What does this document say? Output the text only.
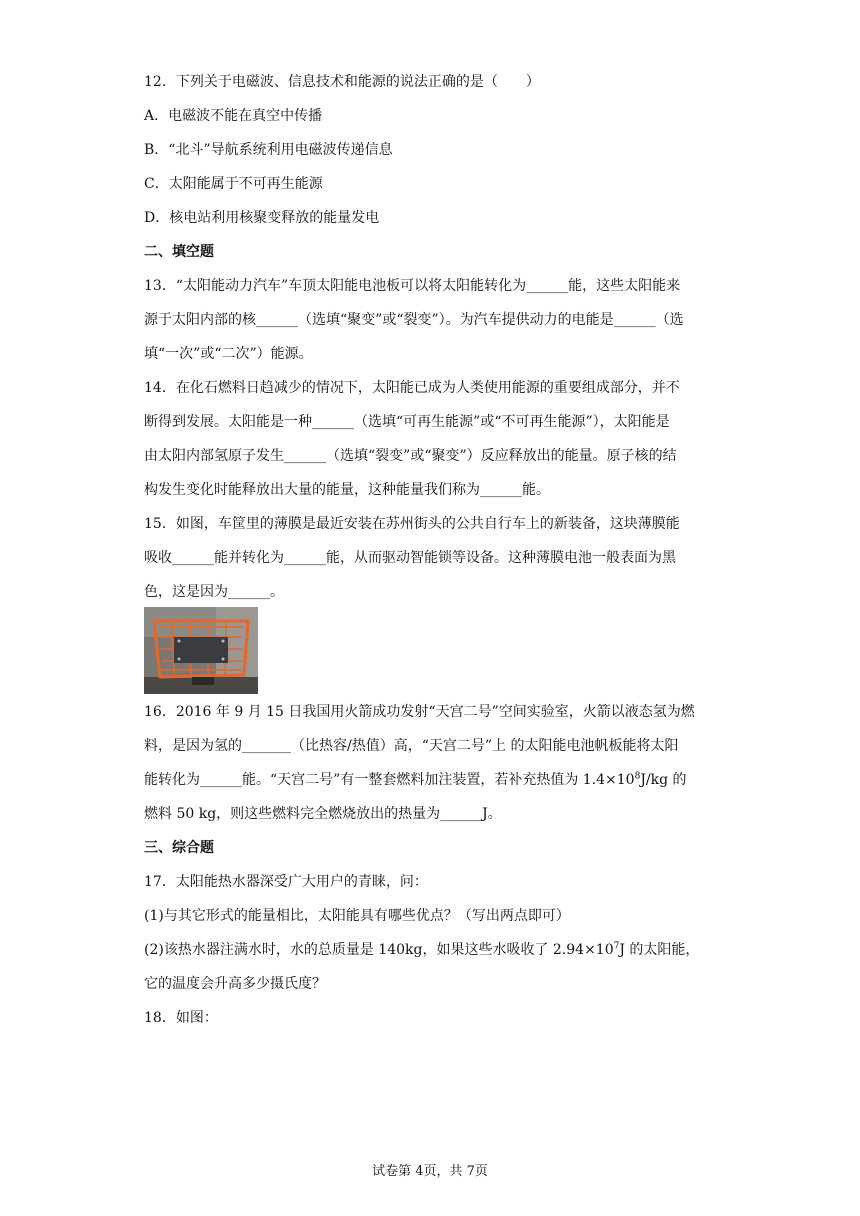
12．下列关于电磁波、信息技术和能源的说法正确的是（　　）
A．电磁波不能在真空中传播
B．“北斗”导航系统利用电磁波传递信息
C．太阳能属于不可再生能源
D．核电站利用核聚变释放的能量发电
二、填空题
13．“太阳能动力汽车”车顶太阳能电池板可以将太阳能转化为______能，这些太阳能来
源于太阳内部的核______（选填“聚变”或“裂变”）。为汽车提供动力的电能是______（选
填“一次”或“二次”）能源。
14．在化石燃料日趋减少的情况下，太阳能已成为人类使用能源的重要组成部分，并不
断得到发展。太阳能是一种______（选填“可再生能源”或“不可再生能源”），太阳能是
由太阳内部氢原子发生______（选填“裂变”或“聚变”）反应释放出的能量。原子核的结
构发生变化时能释放出大量的能量，这种能量我们称为______能。
15．如图，车筐里的薄膜是最近安装在苏州街头的公共自行车上的新装备，这块薄膜能
吸收______能并转化为______能，从而驱动智能锁等设备。这种薄膜电池一般表面为黑
色，这是因为______。
16．2016 年 9 月 15 日我国用火箭成功发射“天宫二号”空间实验室，火箭以液态氢为燃
料，是因为氢的_______（比热容/热值）高，“天宫二号”上 的太阳能电池帆板能将太阳
能转化为______能。“天宫二号”有一整套燃料加注装置，若补充热值为 $1.4\times 10^8J/kg$ 的
燃料 50 kg，则这些燃料完全燃烧放出的热量为______J。
三、综合题
17．太阳能热水器深受广大用户的青睐，问：
(1)与其它形式的能量相比，太阳能具有哪些优点？（写出两点即可）
(2)该热水器注满水时，水的总质量是 140kg，如果这些水吸收了 $2.94\times 10^7J$ 的太阳能，
它的温度会升高多少摄氏度？
18．如图：
试卷第 4页，共 7页
